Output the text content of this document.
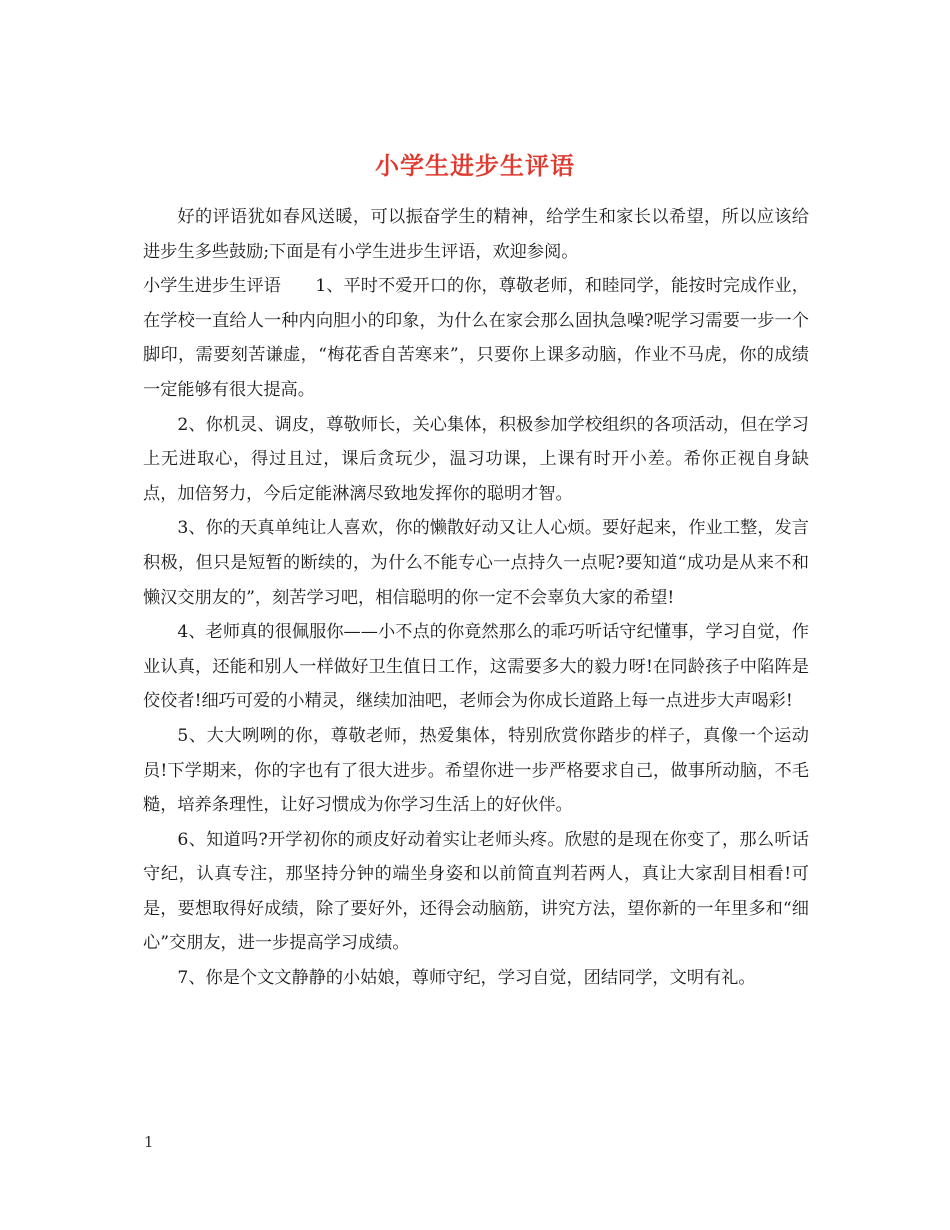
小学生进步生评语

好的评语犹如春风送暖，可以振奋学生的精神，给学生和家长以希望，所以应该给进步生多些鼓励;下面是有小学生进步生评语，欢迎参阅。

小学生进步生评语 1、平时不爱开口的你，尊敬老师，和睦同学，能按时完成作业，在学校一直给人一种内向胆小的印象，为什么在家会那么固执急噪?呢学习需要一步一个脚印，需要刻苦谦虚，“梅花香自苦寒来”，只要你上课多动脑，作业不马虎，你的成绩一定能够有很大提高。

2、你机灵、调皮，尊敬师长，关心集体，积极参加学校组织的各项活动，但在学习上无进取心，得过且过，课后贪玩少，温习功课，上课有时开小差。希你正视自身缺点，加倍努力，今后定能淋漓尽致地发挥你的聪明才智。

3、你的天真单纯让人喜欢，你的懒散好动又让人心烦。要好起来，作业工整，发言积极，但只是短暂的断续的，为什么不能专心一点持久一点呢?要知道“成功是从来不和懒汉交朋友的”，刻苦学习吧，相信聪明的你一定不会辜负大家的希望!

4、老师真的很佩服你——小不点的你竟然那么的乖巧听话守纪懂事，学习自觉，作业认真，还能和别人一样做好卫生值日工作，这需要多大的毅力呀!在同龄孩子中陷阵是佼佼者!细巧可爱的小精灵，继续加油吧，老师会为你成长道路上每一点进步大声喝彩!

5、大大咧咧的你，尊敬老师，热爱集体，特别欣赏你踏步的样子，真像一个运动员!下学期来，你的字也有了很大进步。希望你进一步严格要求自己，做事所动脑，不毛糙，培养条理性，让好习惯成为你学习生活上的好伙伴。

6、知道吗?开学初你的顽皮好动着实让老师头疼。欣慰的是现在你变了，那么听话守纪，认真专注，那坚持分钟的端坐身姿和以前简直判若两人，真让大家刮目相看!可是，要想取得好成绩，除了要好外，还得会动脑筋，讲究方法，望你新的一年里多和“细心”交朋友，进一步提高学习成绩。

7、你是个文文静静的小姑娘，尊师守纪，学习自觉，团结同学，文明有礼。

1
